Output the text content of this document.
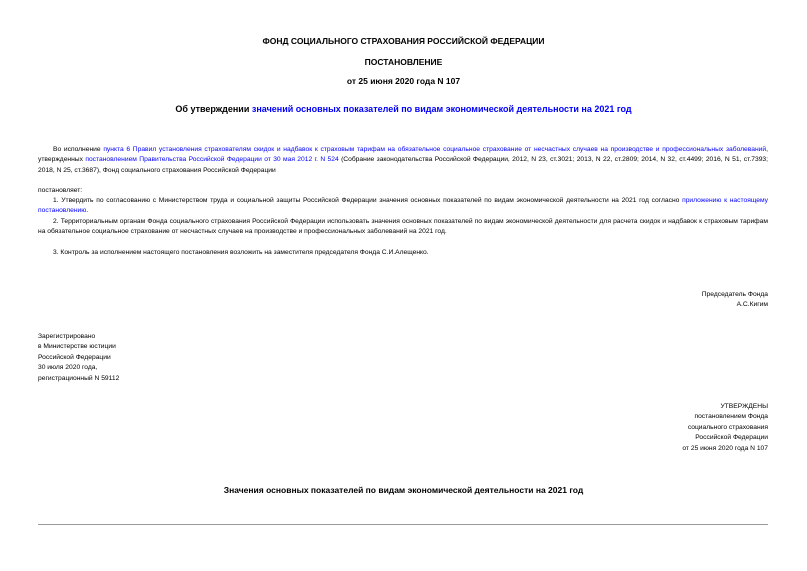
ФОНД СОЦИАЛЬНОГО СТРАХОВАНИЯ РОССИЙСКОЙ ФЕДЕРАЦИИ
ПОСТАНОВЛЕНИЕ
от 25 июня 2020 года N 107
Об утверждении значений основных показателей по видам экономической деятельности на 2021 год
Во исполнение пункта 6 Правил установления страхователям скидок и надбавок к страховым тарифам на обязательное социальное страхование от несчастных случаев на производстве и профессиональных заболеваний, утвержденных постановлением Правительства Российской Федерации от 30 мая 2012 г. N 524 (Собрание законодательства Российской Федерации, 2012, N 23, ст.3021; 2013, N 22, ст.2809; 2014, N 32, ст.4499; 2016, N 51, ст.7393; 2018, N 25, ст.3687), Фонд социального страхования Российской Федерации
постановляет:
1. Утвердить по согласованию с Министерством труда и социальной защиты Российской Федерации значения основных показателей по видам экономической деятельности на 2021 год согласно приложению к настоящему постановлению.
2. Территориальным органам Фонда социального страхования Российской Федерации использовать значения основных показателей по видам экономической деятельности для расчета скидок и надбавок к страховым тарифам на обязательное социальное страхование от несчастных случаев на производстве и профессиональных заболеваний на 2021 год.
3. Контроль за исполнением настоящего постановления возложить на заместителя председателя Фонда С.И.Алещенко.
Председатель Фонда
А.С.Кигим
Зарегистрировано
в Министерстве юстиции
Российской Федерации
30 июля 2020 года,
регистрационный N 59112
УТВЕРЖДЕНЫ
постановлением Фонда
социального страхования
Российской Федерации
от 25 июня 2020 года N 107
Значения основных показателей по видам экономической деятельности на 2021 год
